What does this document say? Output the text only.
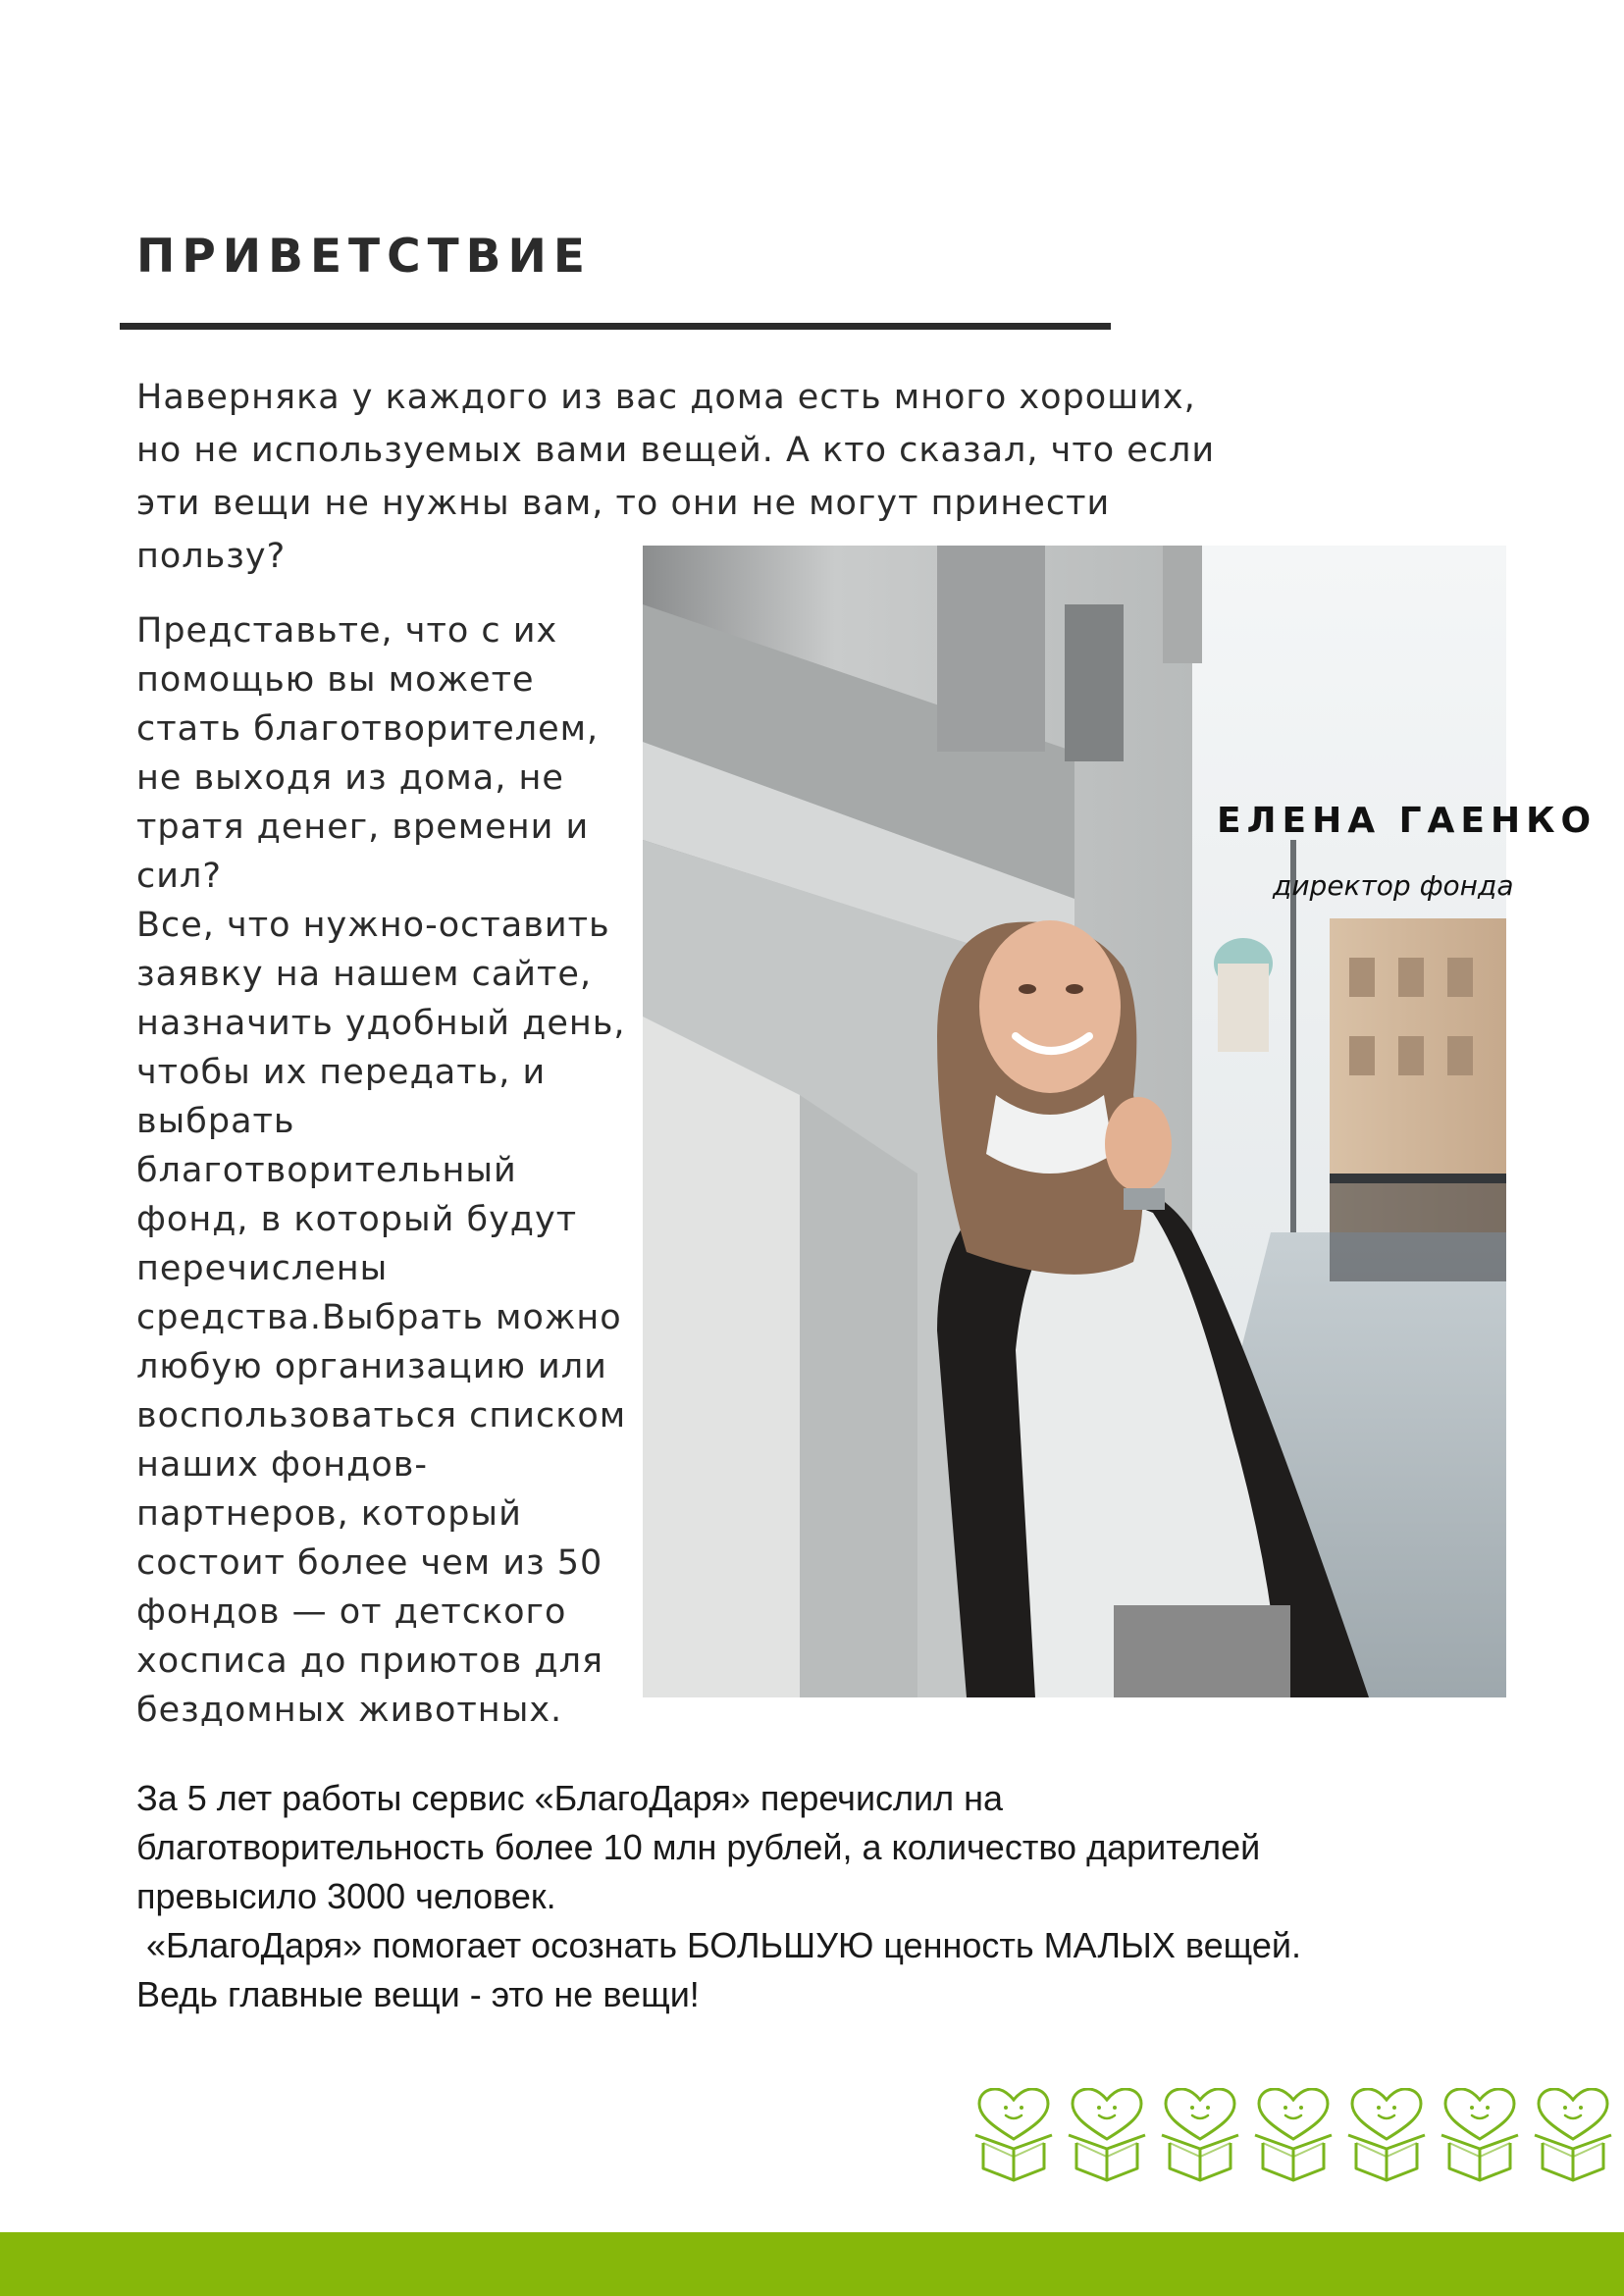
ПРИВЕТСТВИЕ

Наверняка у каждого из вас дома есть много хороших,
но не используемых вами вещей. А кто сказал, что если
эти вещи не нужны вам, то они не могут принести
пользу?

Представьте, что с их
помощью вы можете
стать благотворителем,
не выходя из дома, не
тратя денег, времени и
сил?

Все, что нужно-оставить
заявку на нашем сайте,
назначить удобный день,
чтобы их передать, и
выбрать
благотворительный
фонд, в который будут
перечислены
средства.Выбрать можно
любую организацию или
воспользоваться списком
наших фондов-
партнеров, который
состоит более чем из 50
фондов — от детского
хосписа до приютов для
бездомных животных.

ЕЛЕНА ГАЕНКО

директор фонда

За 5 лет работы сервис «БлагоДаря» перечислил на
благотворительность более 10 млн рублей, а количество дарителей
превысило 3000 человек.
«БлагоДаря» помогает осознать БОЛЬШУЮ ценность МАЛЫХ вещей.
Ведь главные вещи - это не вещи!
